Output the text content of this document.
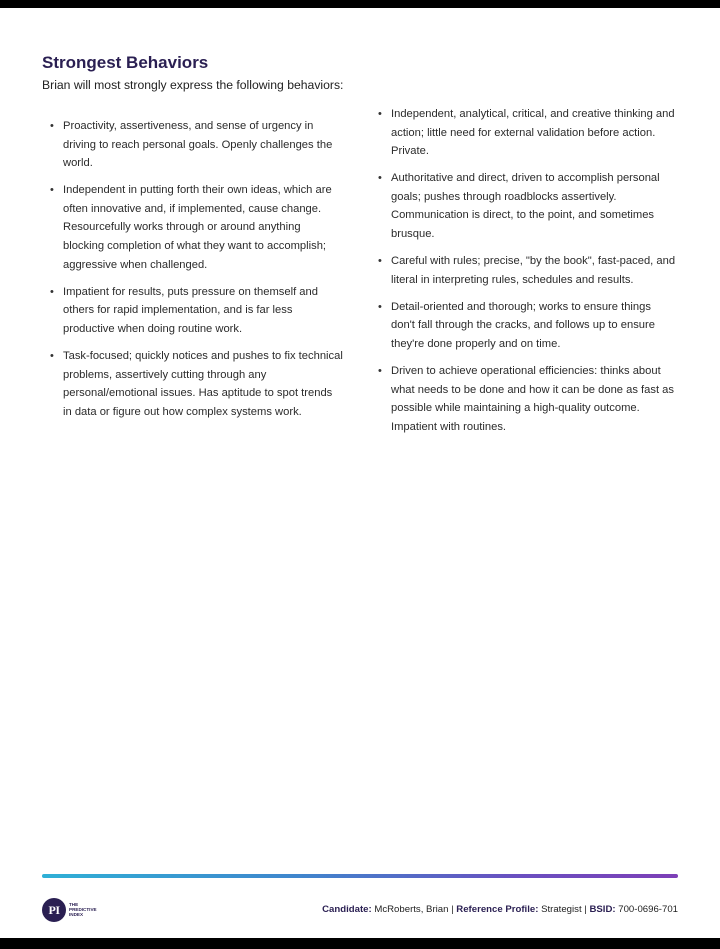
Strongest Behaviors

Brian will most strongly express the following behaviors:

• Proactivity, assertiveness, and sense of urgency in driving to reach personal goals. Openly challenges the world.
• Independent in putting forth their own ideas, which are often innovative and, if implemented, cause change. Resourcefully works through or around anything blocking completion of what they want to accomplish; aggressive when challenged.
• Impatient for results, puts pressure on themself and others for rapid implementation, and is far less productive when doing routine work.
• Task-focused; quickly notices and pushes to fix technical problems, assertively cutting through any personal/emotional issues. Has aptitude to spot trends in data or figure out how complex systems work.
• Independent, analytical, critical, and creative thinking and action; little need for external validation before action. Private.
• Authoritative and direct, driven to accomplish personal goals; pushes through roadblocks assertively. Communication is direct, to the point, and sometimes brusque.
• Careful with rules; precise, "by the book", fast-paced, and literal in interpreting rules, schedules and results.
• Detail-oriented and thorough; works to ensure things don't fall through the cracks, and follows up to ensure they're done properly and on time.
• Driven to achieve operational efficiencies: thinks about what needs to be done and how it can be done as fast as possible while maintaining a high-quality outcome. Impatient with routines.
PI	THE
PREDICTIVE
INDEX	Candidate: McRoberts, Brian | Reference Profile: Strategist | BSID: 700-0696-701
